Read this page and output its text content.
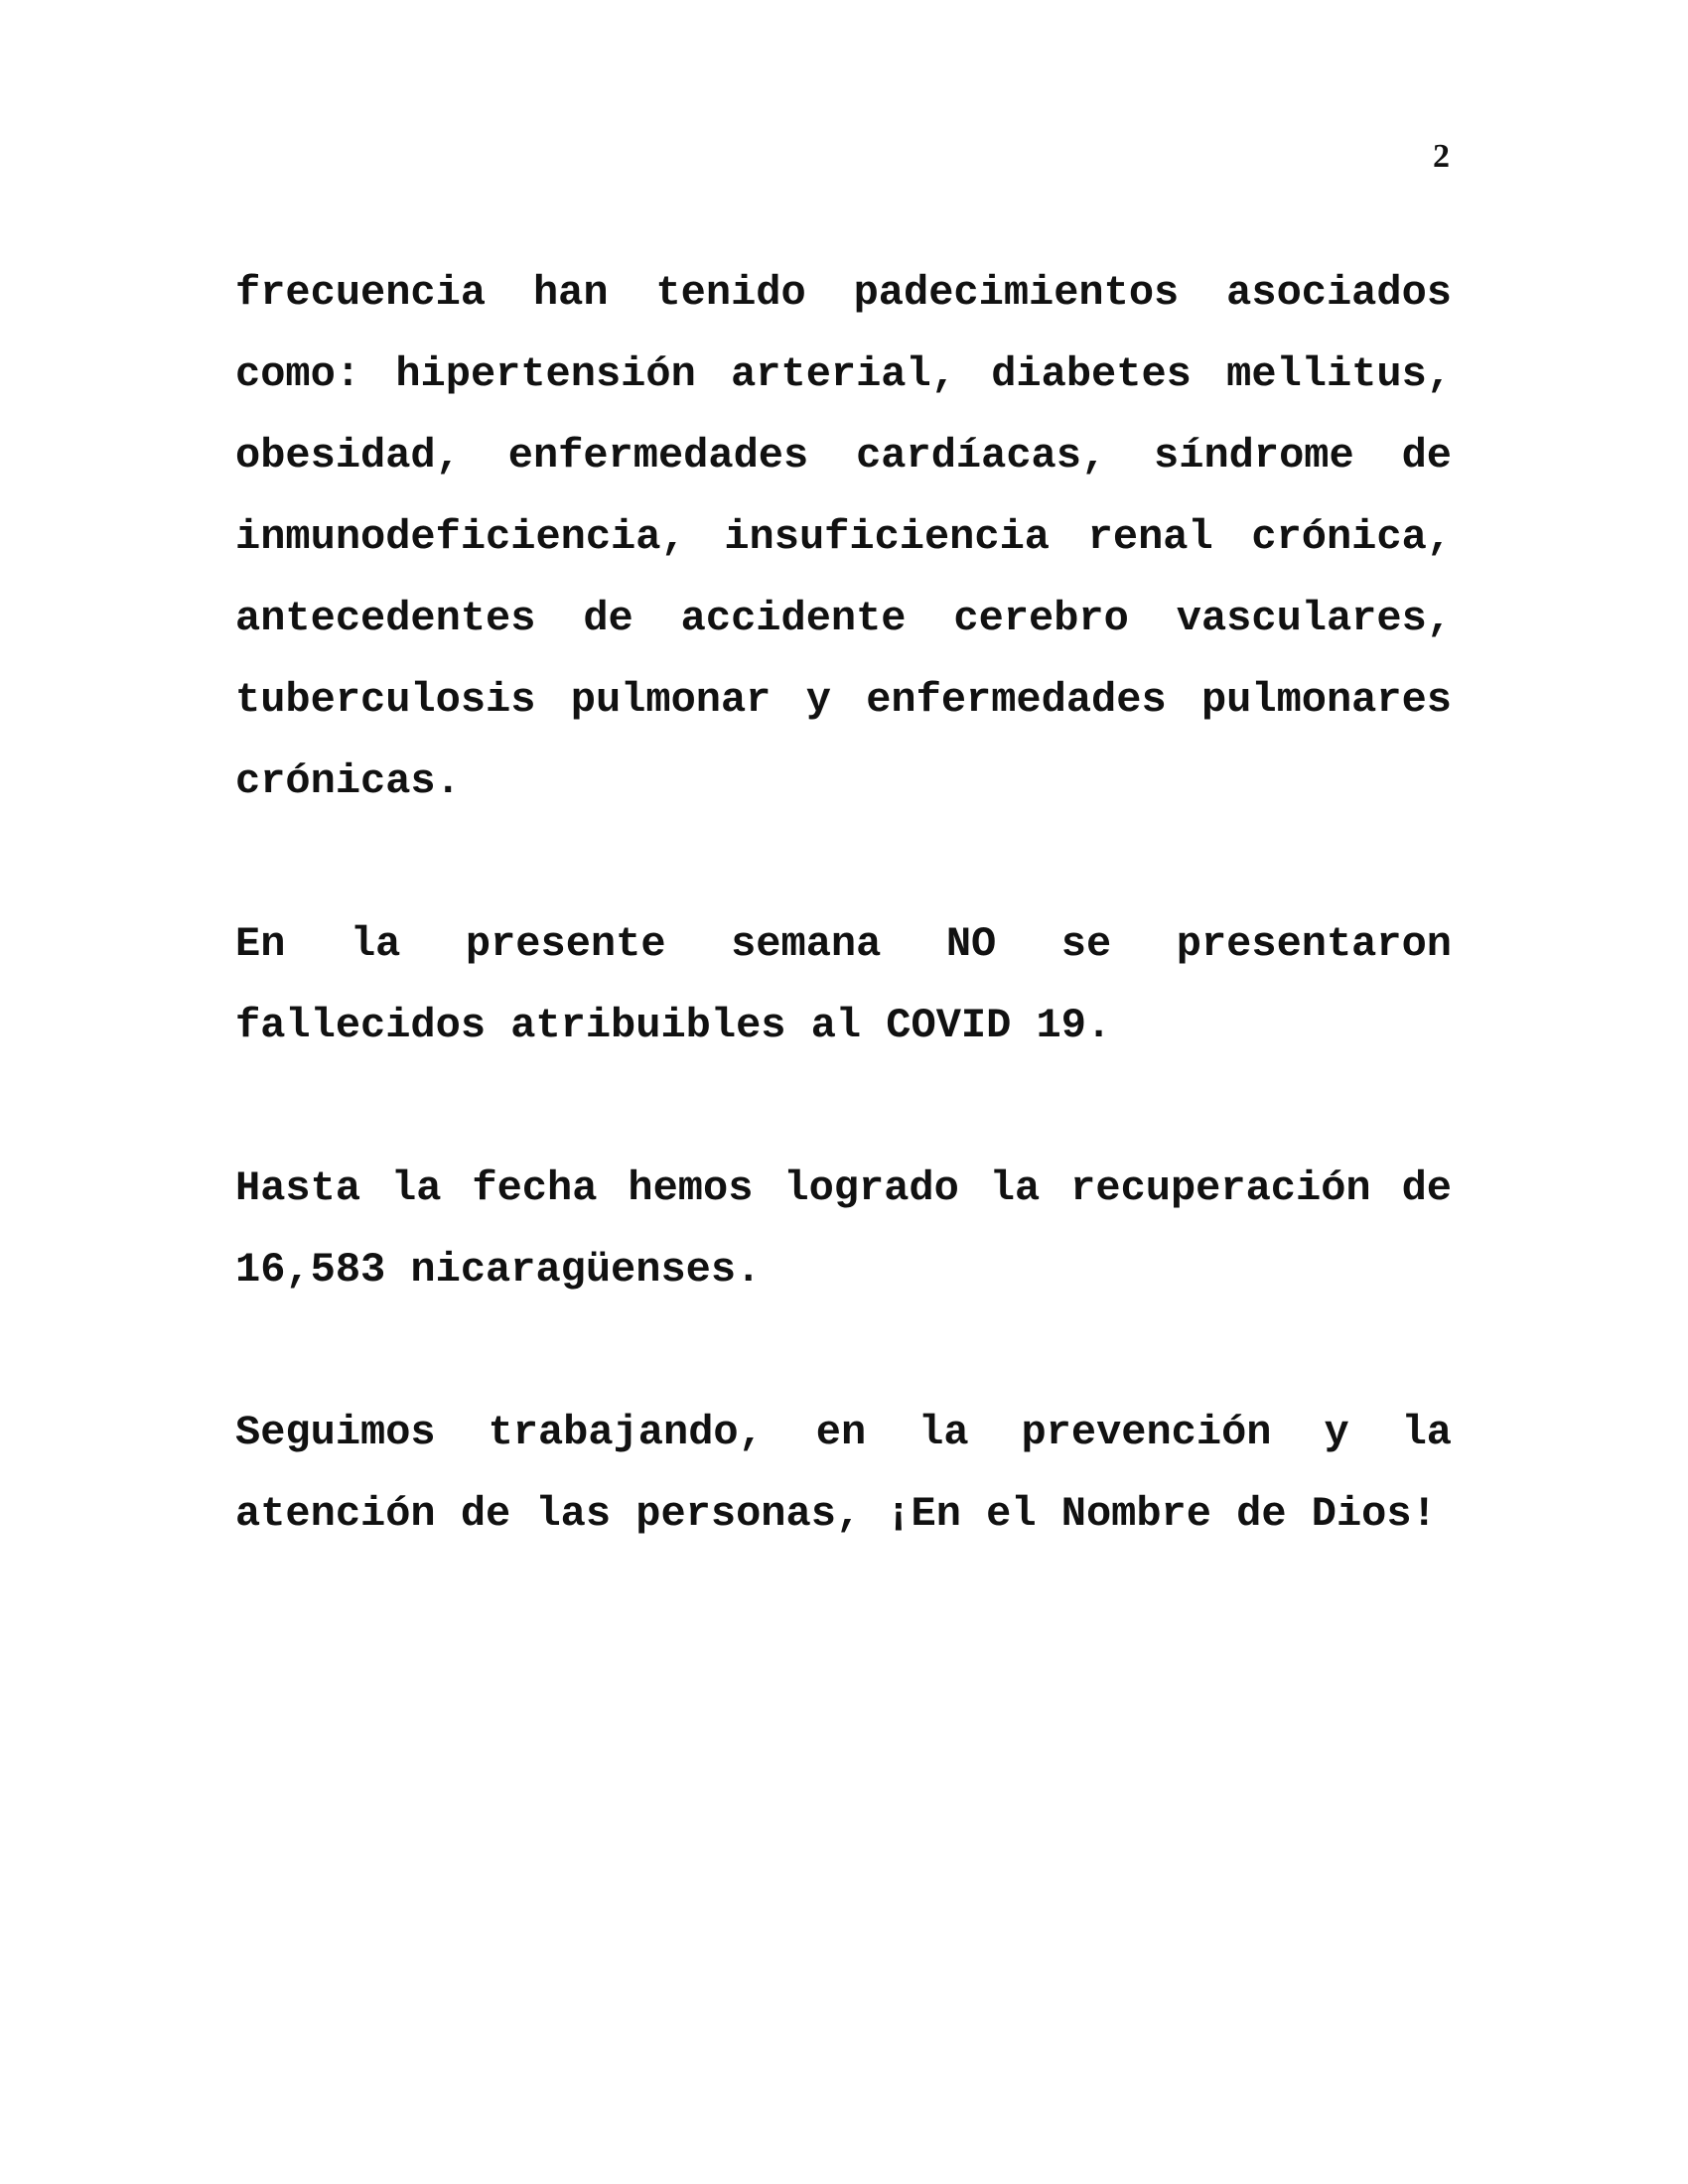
2

frecuencia han tenido padecimientos asociados como: hipertensión arterial, diabetes mellitus, obesidad, enfermedades cardíacas, síndrome de inmunodeficiencia, insuficiencia renal crónica, antecedentes de accidente cerebro vasculares, tuberculosis pulmonar y enfermedades pulmonares crónicas.

En la presente semana NO se presentaron fallecidos atribuibles al COVID 19.

Hasta la fecha hemos logrado la recuperación de 16,583 nicaragüenses.

Seguimos trabajando, en la prevención y la atención de las personas, ¡En el Nombre de Dios!
